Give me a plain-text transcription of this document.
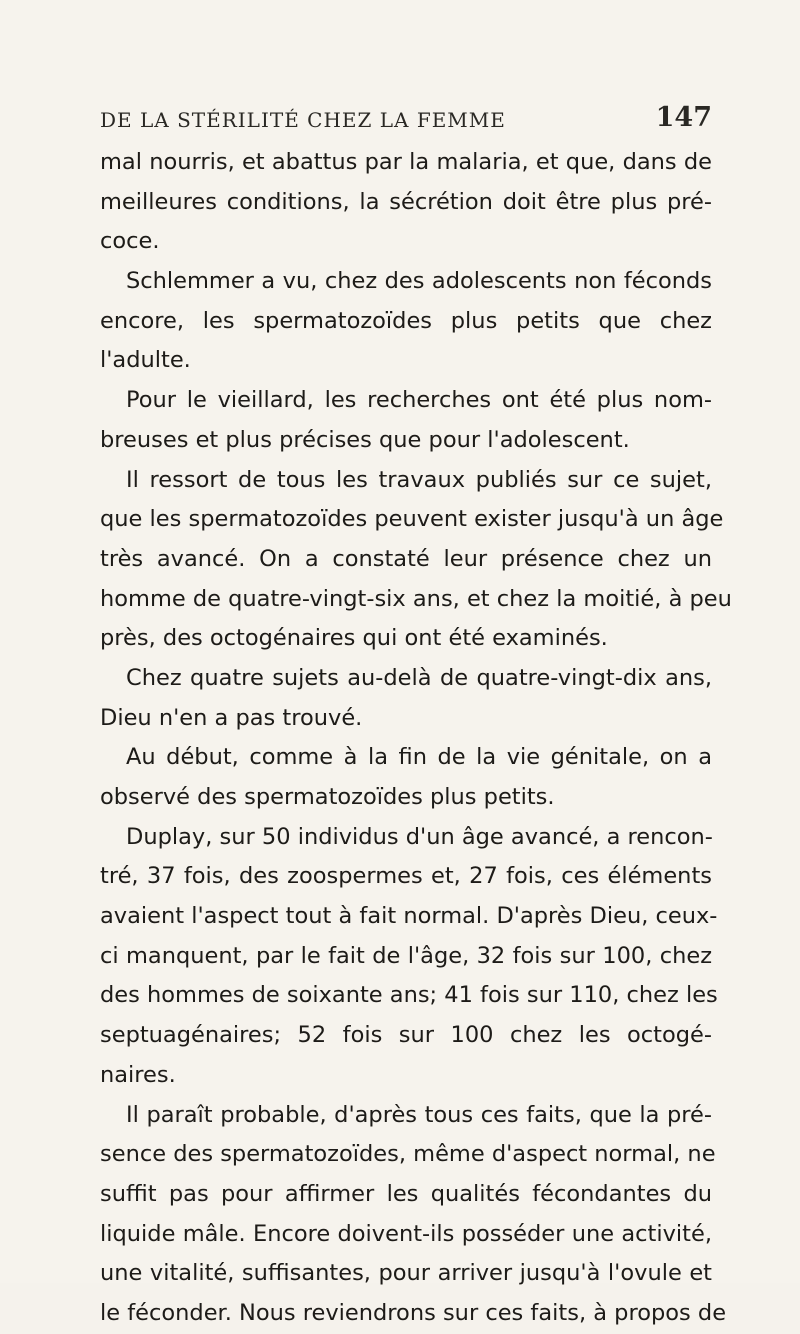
DE LA STÉRILITÉ CHEZ LA FEMME	147
mal nourris, et abattus par la malaria, et que, dans de
meilleures conditions, la sécrétion doit être plus pré-
coce.
Schlemmer a vu, chez des adolescents non féconds
encore, les spermatozoïdes plus petits que chez
l'adulte.
Pour le vieillard, les recherches ont été plus nom-
breuses et plus précises que pour l'adolescent.
Il ressort de tous les travaux publiés sur ce sujet,
que les spermatozoïdes peuvent exister jusqu'à un âge
très avancé. On a constaté leur présence chez un
homme de quatre-vingt-six ans, et chez la moitié, à peu
près, des octogénaires qui ont été examinés.
Chez quatre sujets au-delà de quatre-vingt-dix ans,
Dieu n'en a pas trouvé.
Au début, comme à la fin de la vie génitale, on a
observé des spermatozoïdes plus petits.
Duplay, sur 50 individus d'un âge avancé, a rencon-
tré, 37 fois, des zoospermes et, 27 fois, ces éléments
avaient l'aspect tout à fait normal. D'après Dieu, ceux-
ci manquent, par le fait de l'âge, 32 fois sur 100, chez
des hommes de soixante ans; 41 fois sur 110, chez les
septuagénaires; 52 fois sur 100 chez les octogé-
naires.
Il paraît probable, d'après tous ces faits, que la pré-
sence des spermatozoïdes, même d'aspect normal, ne
suffit pas pour affirmer les qualités fécondantes du
liquide mâle. Encore doivent-ils posséder une activité,
une vitalité, suffisantes, pour arriver jusqu'à l'ovule et
le féconder. Nous reviendrons sur ces faits, à propos de
